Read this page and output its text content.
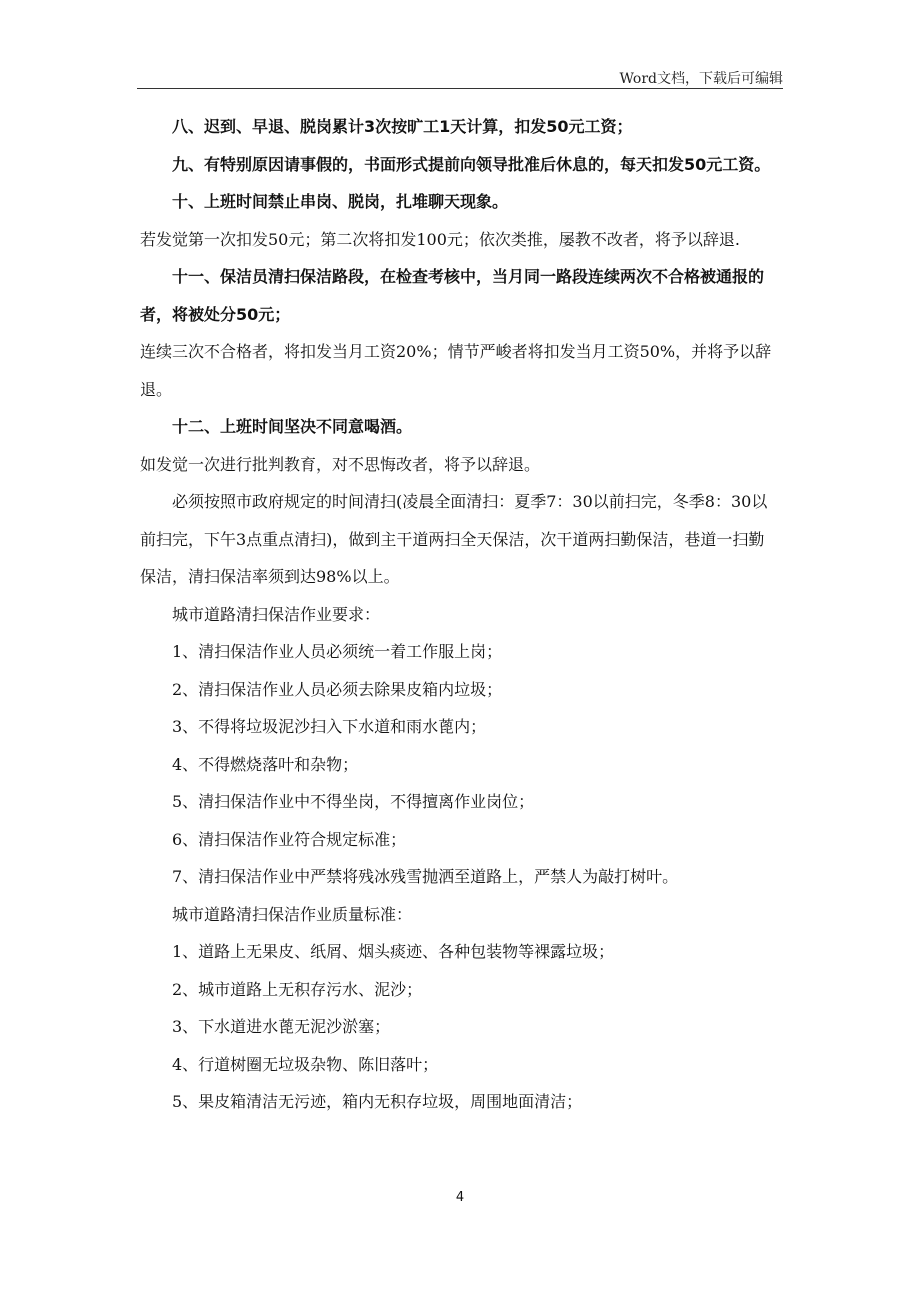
Word文档，下载后可编辑

八、迟到、早退、脱岗累计3次按旷工1天计算，扣发50元工资；

九、有特别原因请事假的，书面形式提前向领导批准后休息的，每天扣发50元工资。

十、上班时间禁止串岗、脱岗，扎堆聊天现象。

若发觉第一次扣发50元；第二次将扣发100元；依次类推，屡教不改者，将予以辞退.

十一、保洁员清扫保洁路段，在检查考核中，当月同一路段连续两次不合格被通报的者，将被处分50元；

连续三次不合格者，将扣发当月工资20%；情节严峻者将扣发当月工资50%，并将予以辞退。

十二、上班时间坚决不同意喝酒。

如发觉一次进行批判教育，对不思悔改者，将予以辞退。

必须按照市政府规定的时间清扫(凌晨全面清扫：夏季7：30以前扫完，冬季8：30以前扫完，下午3点重点清扫)，做到主干道两扫全天保洁，次干道两扫勤保洁，巷道一扫勤保洁，清扫保洁率须到达98%以上。

城市道路清扫保洁作业要求：

1、清扫保洁作业人员必须统一着工作服上岗；

2、清扫保洁作业人员必须去除果皮箱内垃圾；

3、不得将垃圾泥沙扫入下水道和雨水蓖内；

4、不得燃烧落叶和杂物；

5、清扫保洁作业中不得坐岗，不得擅离作业岗位；

6、清扫保洁作业符合规定标准；

7、清扫保洁作业中严禁将残冰残雪抛洒至道路上，严禁人为敲打树叶。

城市道路清扫保洁作业质量标准：

1、道路上无果皮、纸屑、烟头痰迹、各种包装物等裸露垃圾；

2、城市道路上无积存污水、泥沙；

3、下水道进水蓖无泥沙淤塞；

4、行道树圈无垃圾杂物、陈旧落叶；

5、果皮箱清洁无污迹，箱内无积存垃圾，周围地面清洁；

4
